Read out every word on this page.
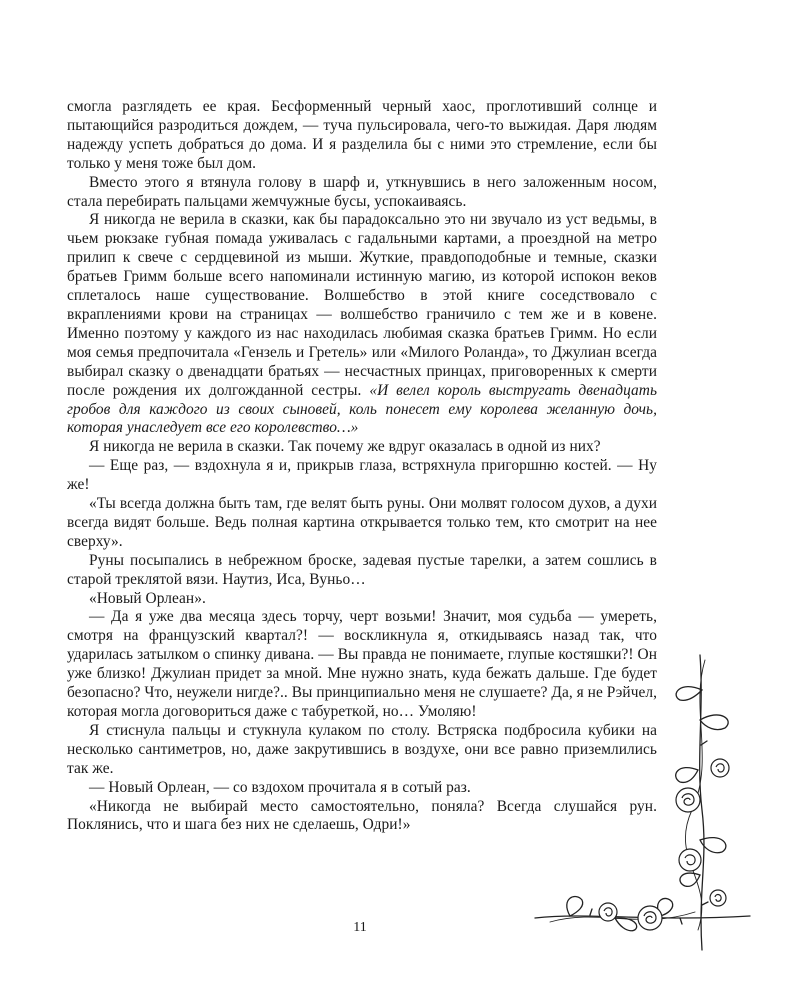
смогла разглядеть ее края. Бесформенный черный хаос, проглотивший солнце и пытающийся разродиться дождем, — туча пульсировала, чего-то выжидая. Даря людям надежду успеть добраться до дома. И я разделила бы с ними это стремление, если бы только у меня тоже был дом.

Вместо этого я втянула голову в шарф и, уткнувшись в него заложенным носом, стала перебирать пальцами жемчужные бусы, успокаиваясь.

Я никогда не верила в сказки, как бы парадоксально это ни звучало из уст ведьмы, в чьем рюкзаке губная помада уживалась с гадальными картами, а проездной на метро прилип к свече с сердцевиной из мыши. Жуткие, правдоподобные и темные, сказки братьев Гримм больше всего напоминали истинную магию, из которой испокон веков сплеталось наше существование. Волшебство в этой книге соседствовало с вкраплениями крови на страницах — волшебство граничило с тем же и в ковене. Именно поэтому у каждого из нас находилась любимая сказка братьев Гримм. Но если моя семья предпочитала «Гензель и Гретель» или «Милого Роланда», то Джулиан всегда выбирал сказку о двенадцати братьях — несчастных принцах, приговоренных к смерти после рождения их долгожданной сестры. «И велел король выстругать двенадцать гробов для каждого из своих сыновей, коль понесет ему королева желанную дочь, которая унаследует все его королевство…»

Я никогда не верила в сказки. Так почему же вдруг оказалась в одной из них?

— Еще раз, — вздохнула я и, прикрыв глаза, встряхнула пригоршню костей. — Ну же!

«Ты всегда должна быть там, где велят быть руны. Они молвят голосом духов, а духи всегда видят больше. Ведь полная картина открывается только тем, кто смотрит на нее сверху».

Руны посыпались в небрежном броске, задевая пустые тарелки, а затем сошлись в старой треклятой вязи. Наутиз, Иса, Вуньо…

«Новый Орлеан».

— Да я уже два месяца здесь торчу, черт возьми! Значит, моя судьба — умереть, смотря на французский квартал?! — воскликнула я, откидываясь назад так, что ударилась затылком о спинку дивана. — Вы правда не понимаете, глупые костяшки?! Он уже близко! Джулиан придет за мной. Мне нужно знать, куда бежать дальше. Где будет безопасно? Что, неужели нигде?.. Вы принципиально меня не слушаете? Да, я не Рэйчел, которая могла договориться даже с табуреткой, но… Умоляю!

Я стиснула пальцы и стукнула кулаком по столу. Встряска подбросила кубики на несколько сантиметров, но, даже закрутившись в воздухе, они все равно приземлились так же.

— Новый Орлеан, — со вздохом прочитала я в сотый раз.

«Никогда не выбирай место самостоятельно, поняла? Всегда слушайся рун. Поклянись, что и шага без них не сделаешь, Одри!»

11
